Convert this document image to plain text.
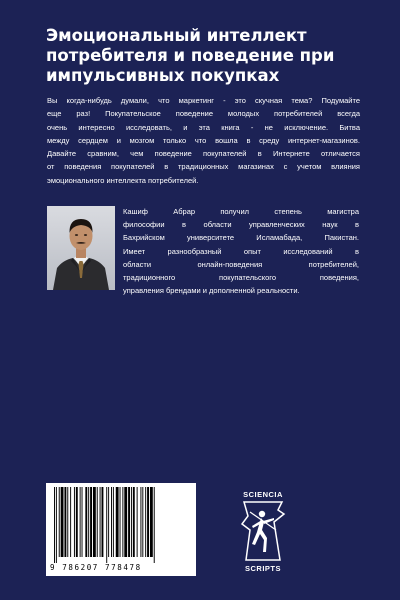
Эмоциональный интеллект
потребителя и поведение при
импульсивных покупках

Вы когда-нибудь думали, что маркетинг - это скучная тема? Подумайте
еще раз! Покупательское поведение молодых потребителей всегда
очень интересно исследовать, и эта книга - не исключение. Битва
между сердцем и мозгом только что вошла в среду интернет-магазинов.
Давайте сравним, чем поведение покупателей в Интернете отличается
от поведения покупателей в традиционных магазинах с учетом влияния
эмоционального интеллекта потребителей.

Кашиф Абрар получил степень магистра
философии в области управленческих наук в
Бахрийском университете Исламабада, Пакистан.
Имеет разнообразный опыт исследований в
области онлайн-поведения потребителей,
традиционного покупательского поведения,
управления брендами и дополненной реальности.

9 786207 778478
SCIENCIA
SCRIPTS
